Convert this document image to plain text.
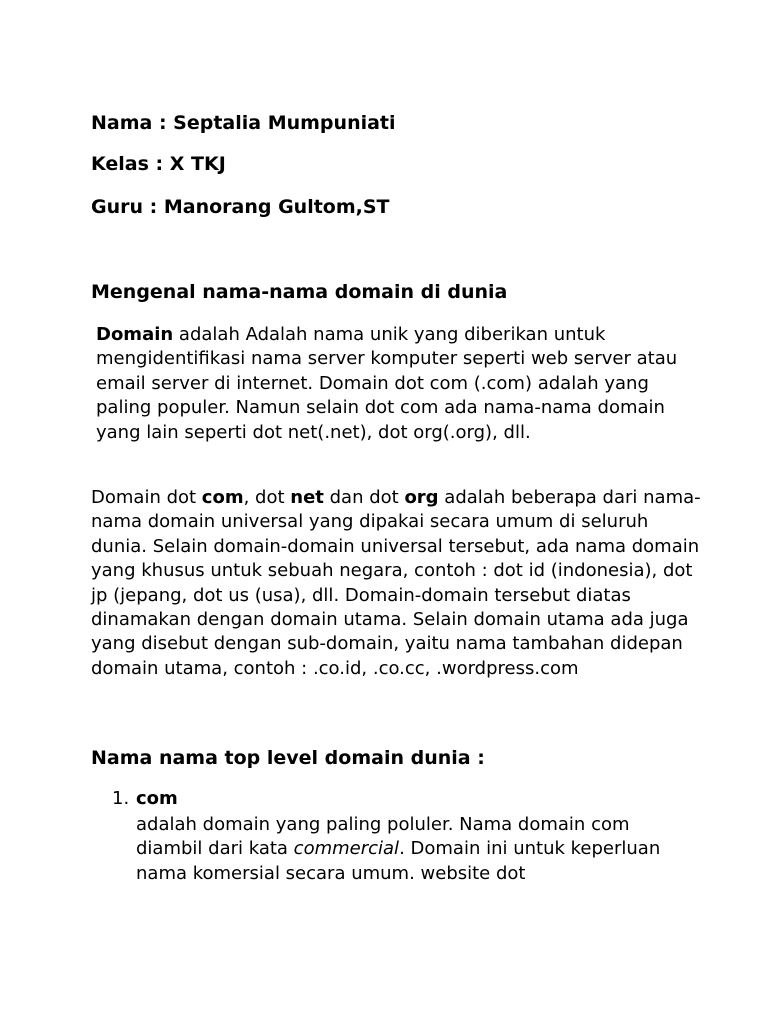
Nama : Septalia Mumpuniati

Kelas : X TKJ

Guru : Manorang Gultom,ST

Mengenal nama-nama domain di dunia

Domain adalah Adalah nama unik yang diberikan untuk mengidentifikasi nama server komputer seperti web server atau email server di internet. Domain dot com (.com) adalah yang paling populer. Namun selain dot com ada nama-nama domain yang lain seperti dot net(.net), dot org(.org), dll.

Domain dot com, dot net dan dot org adalah beberapa dari nama-nama domain universal yang dipakai secara umum di seluruh dunia. Selain domain-domain universal tersebut, ada nama domain yang khusus untuk sebuah negara, contoh : dot id (indonesia), dot jp (jepang, dot us (usa), dll. Domain-domain tersebut diatas dinamakan dengan domain utama. Selain domain utama ada juga yang disebut dengan sub-domain, yaitu nama tambahan didepan domain utama, contoh : .co.id, .co.cc, .wordpress.com

Nama nama top level domain dunia :

1. com

adalah domain yang paling poluler. Nama domain com diambil dari kata commercial. Domain ini untuk keperluan nama komersial secara umum. website dot
